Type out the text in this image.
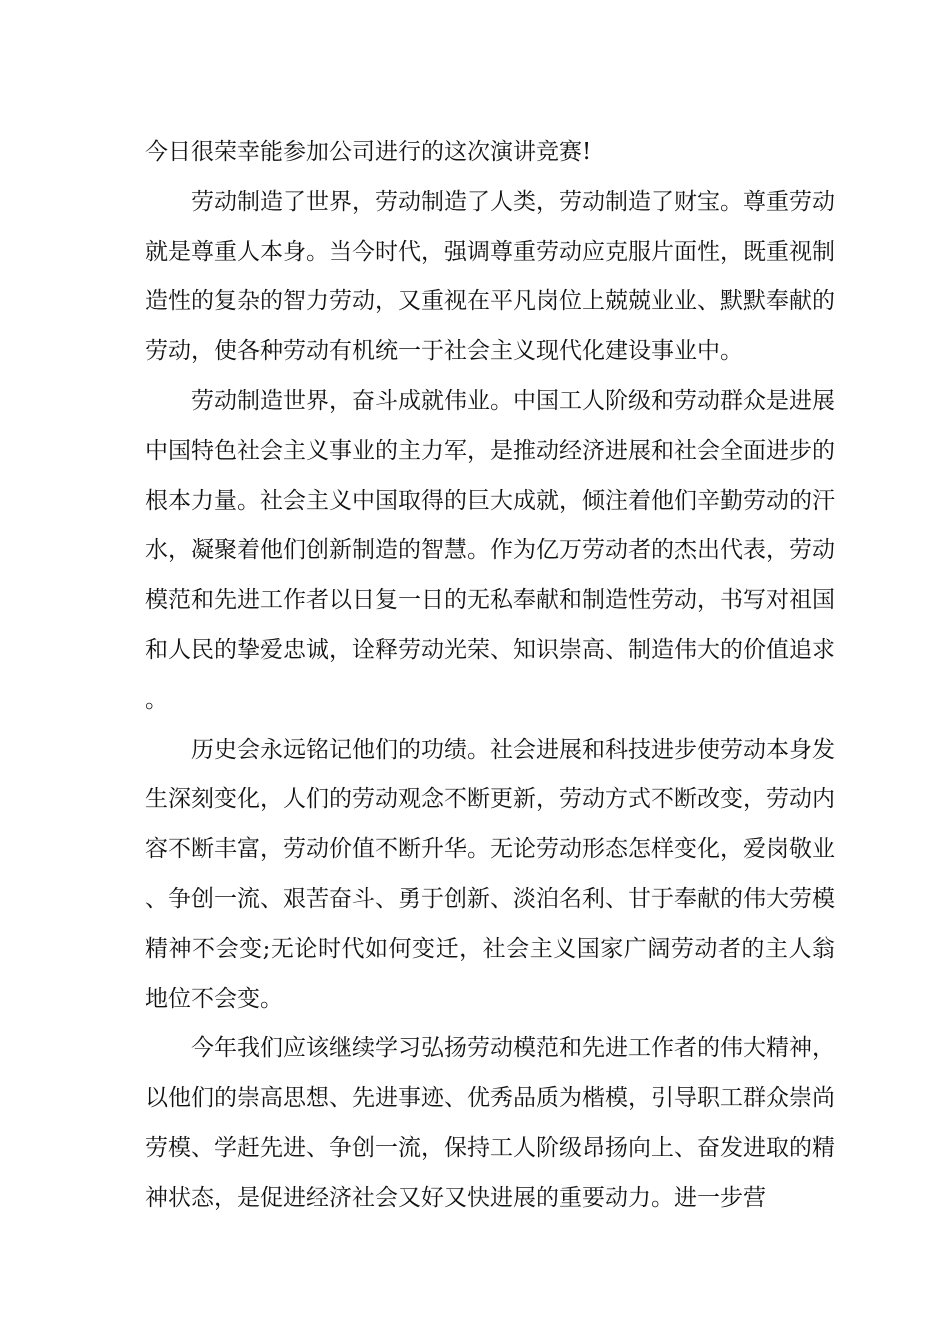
今日很荣幸能参加公司进行的这次演讲竞赛!

劳动制造了世界，劳动制造了人类，劳动制造了财宝。尊重劳动就是尊重人本身。当今时代，强调尊重劳动应克服片面性，既重视制造性的复杂的智力劳动，又重视在平凡岗位上兢兢业业、默默奉献的劳动，使各种劳动有机统一于社会主义现代化建设事业中。

劳动制造世界，奋斗成就伟业。中国工人阶级和劳动群众是进展中国特色社会主义事业的主力军，是推动经济进展和社会全面进步的根本力量。社会主义中国取得的巨大成就，倾注着他们辛勤劳动的汗水，凝聚着他们创新制造的智慧。作为亿万劳动者的杰出代表，劳动模范和先进工作者以日复一日的无私奉献和制造性劳动，书写对祖国和人民的挚爱忠诚，诠释劳动光荣、知识崇高、制造伟大的价值追求。

历史会永远铭记他们的功绩。社会进展和科技进步使劳动本身发生深刻变化，人们的劳动观念不断更新，劳动方式不断改变，劳动内容不断丰富，劳动价值不断升华。无论劳动形态怎样变化，爱岗敬业、争创一流、艰苦奋斗、勇于创新、淡泊名利、甘于奉献的伟大劳模精神不会变;无论时代如何变迁，社会主义国家广阔劳动者的主人翁地位不会变。

今年我们应该继续学习弘扬劳动模范和先进工作者的伟大精神，以他们的崇高思想、先进事迹、优秀品质为楷模，引导职工群众崇尚劳模、学赶先进、争创一流，保持工人阶级昂扬向上、奋发进取的精神状态，是促进经济社会又好又快进展的重要动力。进一步营
